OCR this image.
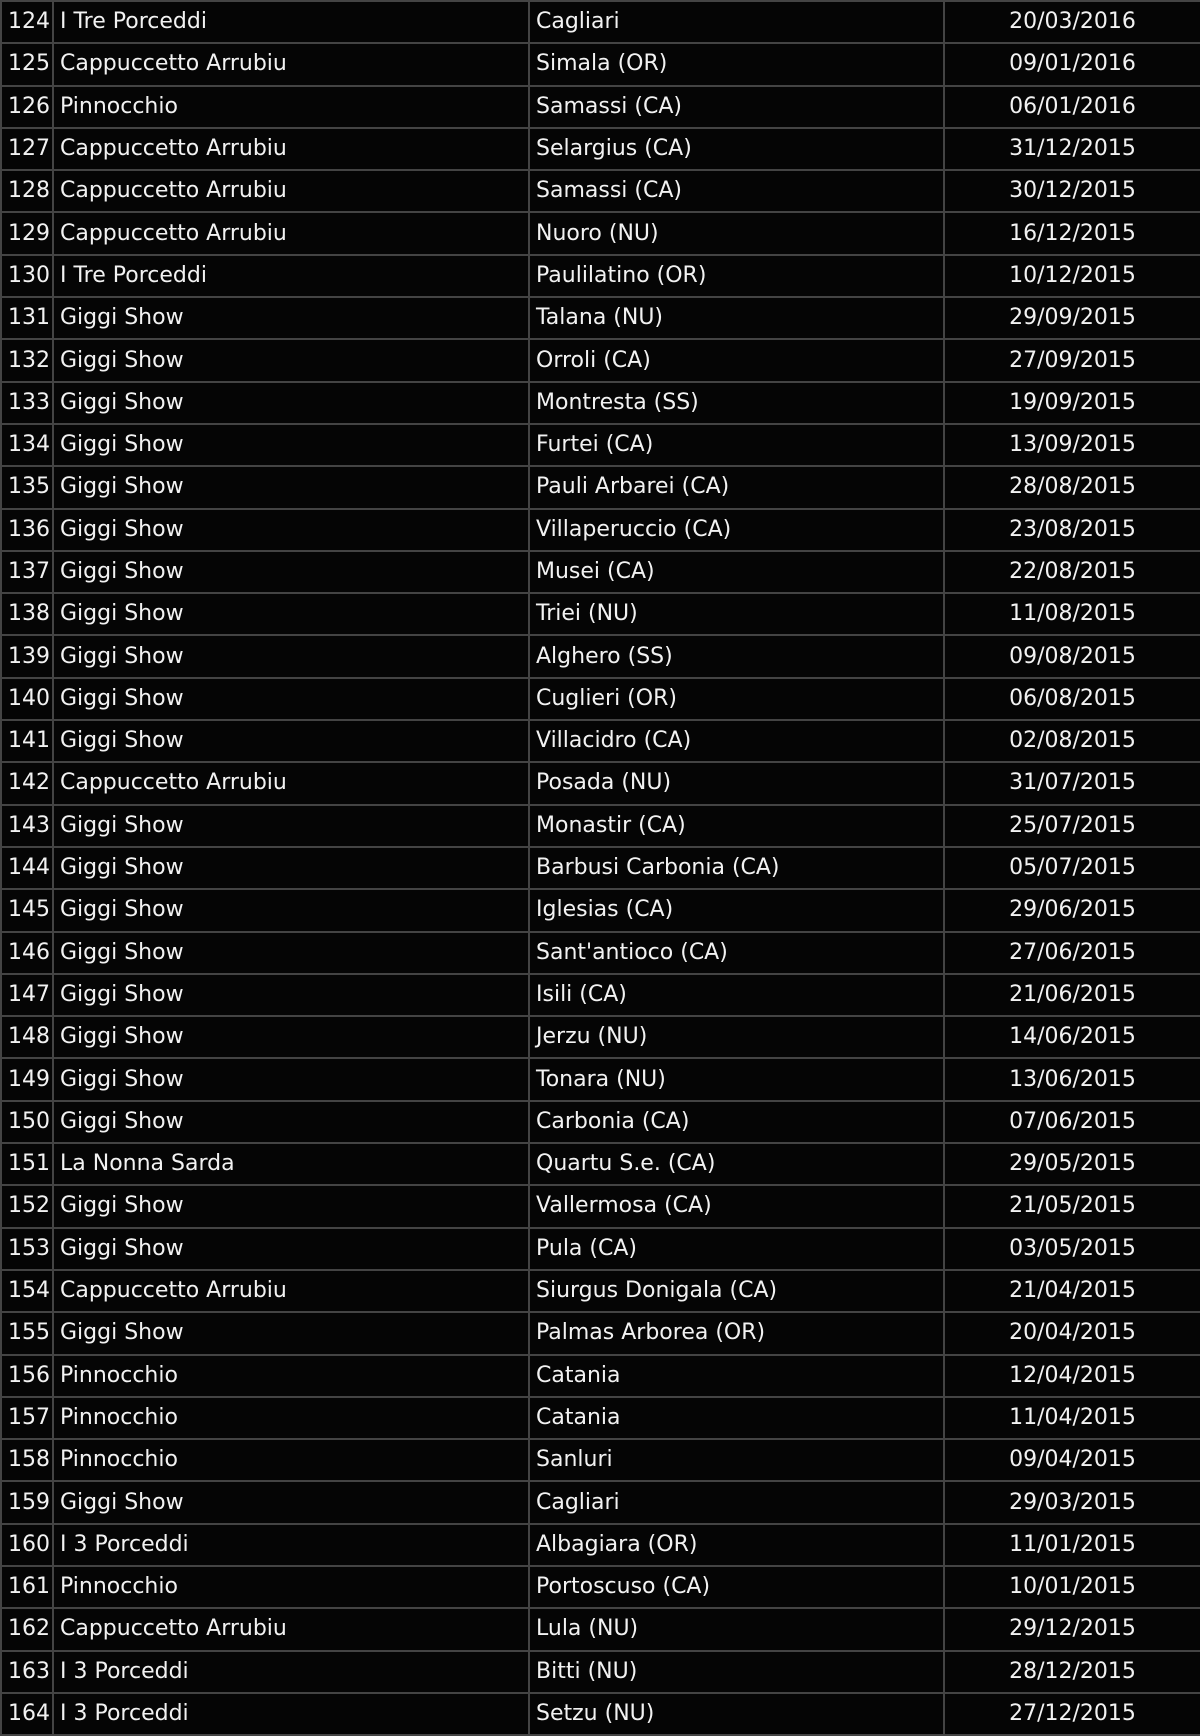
124	I Tre Porceddi	Cagliari	20/03/2016
125	Cappuccetto Arrubiu	Simala (OR)	09/01/2016
126	Pinnocchio	Samassi (CA)	06/01/2016
127	Cappuccetto Arrubiu	Selargius (CA)	31/12/2015
128	Cappuccetto Arrubiu	Samassi (CA)	30/12/2015
129	Cappuccetto Arrubiu	Nuoro (NU)	16/12/2015
130	I Tre Porceddi	Paulilatino (OR)	10/12/2015
131	Giggi Show	Talana (NU)	29/09/2015
132	Giggi Show	Orroli (CA)	27/09/2015
133	Giggi Show	Montresta (SS)	19/09/2015
134	Giggi Show	Furtei (CA)	13/09/2015
135	Giggi Show	Pauli Arbarei (CA)	28/08/2015
136	Giggi Show	Villaperuccio (CA)	23/08/2015
137	Giggi Show	Musei (CA)	22/08/2015
138	Giggi Show	Triei (NU)	11/08/2015
139	Giggi Show	Alghero (SS)	09/08/2015
140	Giggi Show	Cuglieri (OR)	06/08/2015
141	Giggi Show	Villacidro (CA)	02/08/2015
142	Cappuccetto Arrubiu	Posada (NU)	31/07/2015
143	Giggi Show	Monastir (CA)	25/07/2015
144	Giggi Show	Barbusi Carbonia (CA)	05/07/2015
145	Giggi Show	Iglesias (CA)	29/06/2015
146	Giggi Show	Sant'antioco (CA)	27/06/2015
147	Giggi Show	Isili (CA)	21/06/2015
148	Giggi Show	Jerzu (NU)	14/06/2015
149	Giggi Show	Tonara (NU)	13/06/2015
150	Giggi Show	Carbonia (CA)	07/06/2015
151	La Nonna Sarda	Quartu S.e. (CA)	29/05/2015
152	Giggi Show	Vallermosa (CA)	21/05/2015
153	Giggi Show	Pula (CA)	03/05/2015
154	Cappuccetto Arrubiu	Siurgus Donigala (CA)	21/04/2015
155	Giggi Show	Palmas Arborea (OR)	20/04/2015
156	Pinnocchio	Catania	12/04/2015
157	Pinnocchio	Catania	11/04/2015
158	Pinnocchio	Sanluri	09/04/2015
159	Giggi Show	Cagliari	29/03/2015
160	I 3 Porceddi	Albagiara (OR)	11/01/2015
161	Pinnocchio	Portoscuso (CA)	10/01/2015
162	Cappuccetto Arrubiu	Lula (NU)	29/12/2015
163	I 3 Porceddi	Bitti (NU)	28/12/2015
164	I 3 Porceddi	Setzu (NU)	27/12/2015
